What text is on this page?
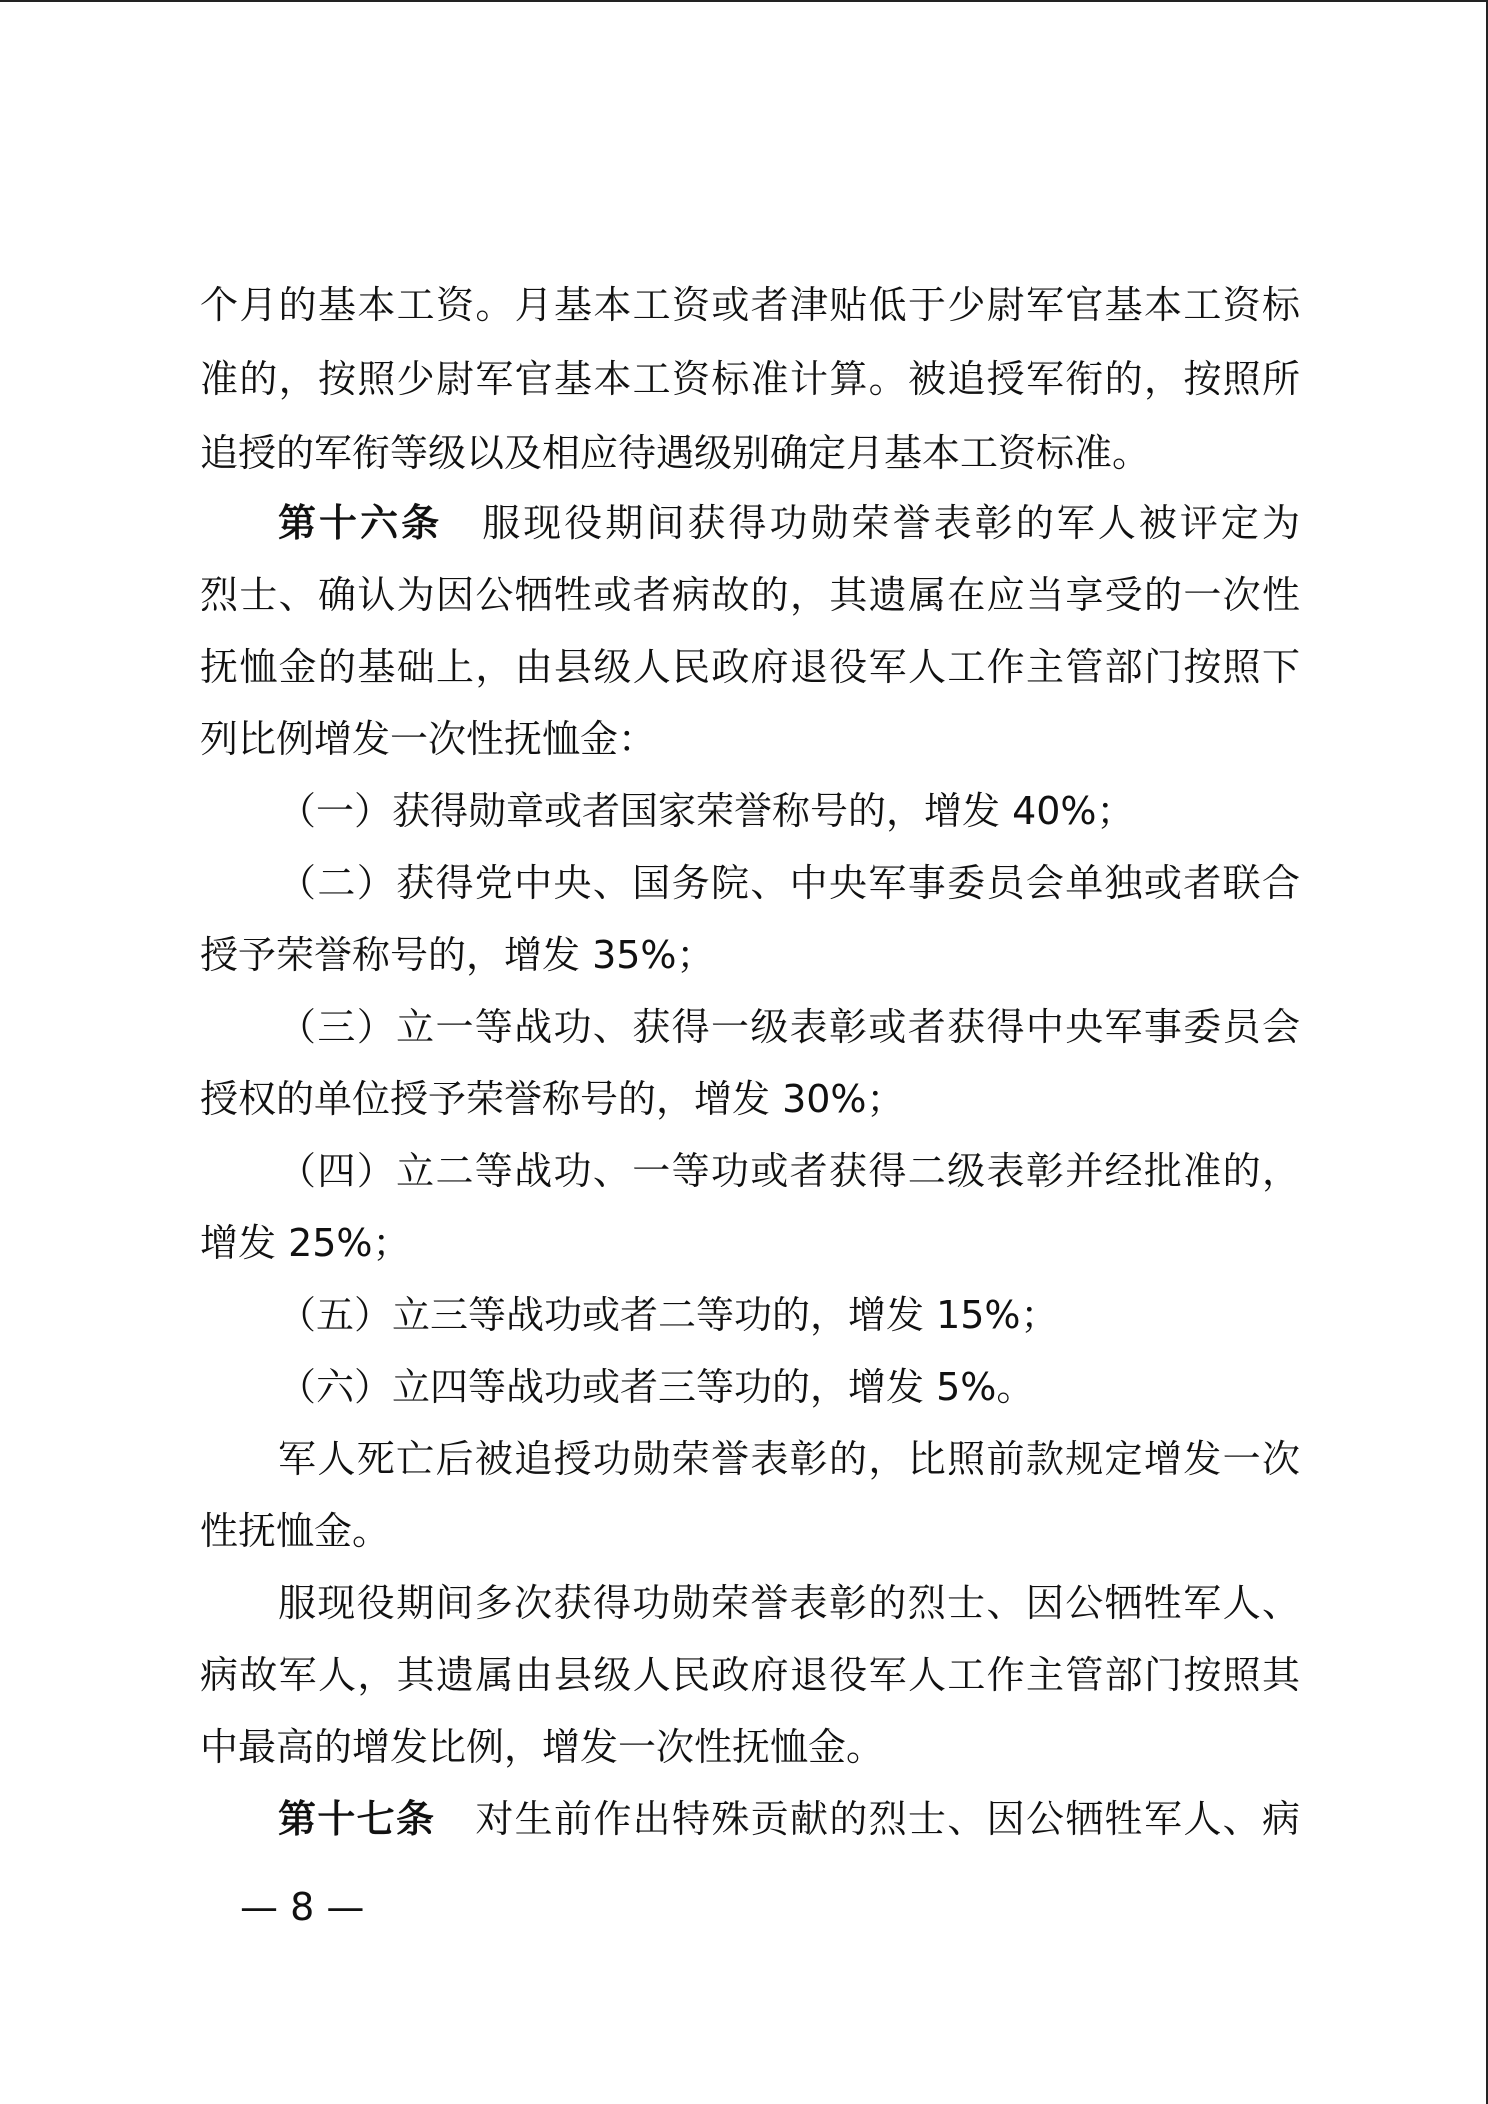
个月的基本工资。月基本工资或者津贴低于少尉军官基本工资标
准的，按照少尉军官基本工资标准计算。被追授军衔的，按照所
追授的军衔等级以及相应待遇级别确定月基本工资标准。
第十六条 服现役期间获得功勋荣誉表彰的军人被评定为
烈士、确认为因公牺牲或者病故的，其遗属在应当享受的一次性
抚恤金的基础上，由县级人民政府退役军人工作主管部门按照下
列比例增发一次性抚恤金：
（一）获得勋章或者国家荣誉称号的，增发 40%；
（二）获得党中央、国务院、中央军事委员会单独或者联合
授予荣誉称号的，增发 35%；
（三）立一等战功、获得一级表彰或者获得中央军事委员会
授权的单位授予荣誉称号的，增发 30%；
（四）立二等战功、一等功或者获得二级表彰并经批准的，
增发 25%；
（五）立三等战功或者二等功的，增发 15%；
（六）立四等战功或者三等功的，增发 5%。
军人死亡后被追授功勋荣誉表彰的，比照前款规定增发一次
性抚恤金。
服现役期间多次获得功勋荣誉表彰的烈士、因公牺牲军人、
病故军人，其遗属由县级人民政府退役军人工作主管部门按照其
中最高的增发比例，增发一次性抚恤金。
第十七条 对生前作出特殊贡献的烈士、因公牺牲军人、病
— 8 —
